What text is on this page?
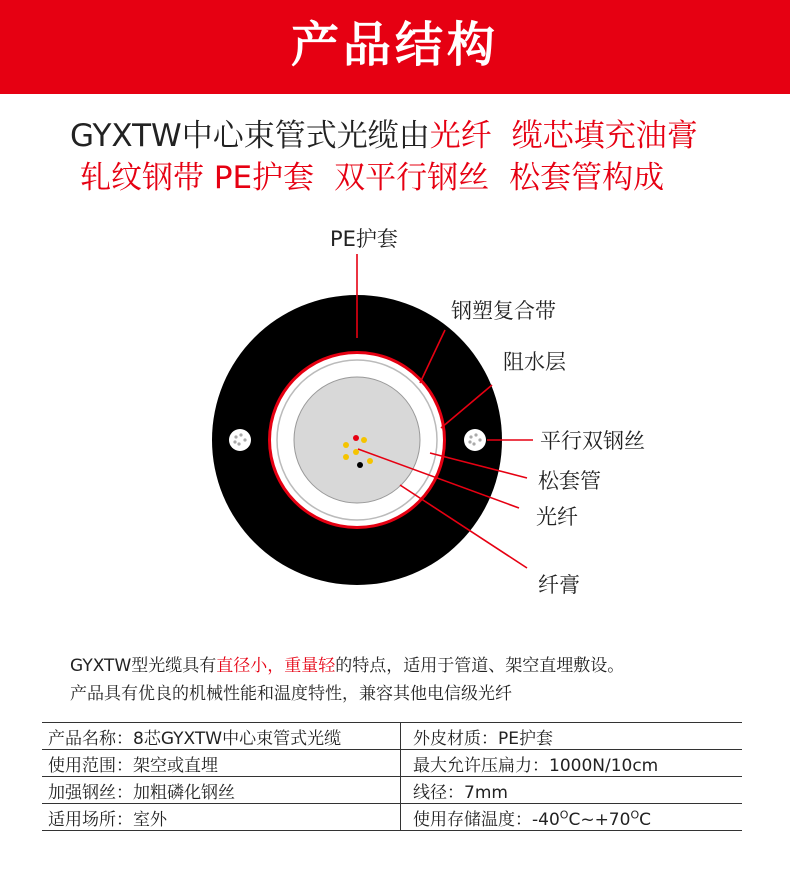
产品结构
GYXTW中心束管式光缆由光纤 缆芯填充油膏
轧纹钢带 PE护套 双平行钢丝 松套管构成
PE护套
钢塑复合带
阻水层
平行双钢丝
松套管
光纤
纤膏
GYXTW型光缆具有直径小，重量轻的特点，适用于管道、架空直埋敷设。
产品具有优良的机械性能和温度特性，兼容其他电信级光纤
产品名称：8芯GYXTW中心束管式光缆	外皮材质：PE护套
使用范围：架空或直埋	最大允许压扁力：1000N/10cm
加强钢丝：加粗磷化钢丝	线径：7mm
适用场所：室外	使用存储温度：$-40^OC\sim+70^OC$
